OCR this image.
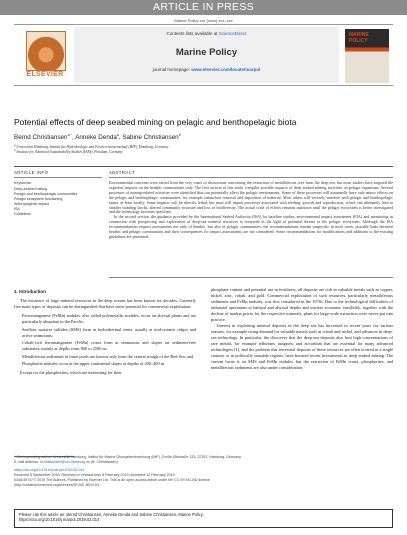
ARTICLE IN PRESS
Marine Policy xxx (xxxx) xxx–xxx
ELSEVIER
Contents lists available at ScienceDirect
Marine Policy
journal homepage: www.elsevier.com/locate/marpol
MARINE
POLICY
Potential effects of deep seabed mining on pelagic and benthopelagic biota
Bernd Christiansen$^{a,*}$, Anneke Denda$^a$, Sabine Christiansen$^b$
$^a$ Universität Hamburg, Institut für Hydrobiologie und Fischereiwissenschaft (IHF), Hamburg, Germany
$^b$ Institute for Advanced Sustainability Studies (IASS), Potsdam, Germany
ARTICLE INFO	ABSTRACT
Keywords:
Deep-seabed mining
Pelagic and benthopelagic communities
Pelagic ecosystem functioning
Anthropogenic impact
ISA
Guidelines

Environmental concerns were raised from the very onset of discussions concerning the extraction of metalliferous ores from the deep sea, but most studies have targeted the expected impacts on the benthic communities only. The first section of this study compiles possible impacts of deep seabed mining activities on pelagic organisms. Several processes of mining-related activities were identified that can potentially affect the pelagic environment. Some of these processes will assumedly have only minor effects on the pelagic and benthopelagic communities, for example subsurface removal and deposition of material. Most others will severely interfere with pelagic and benthopelagic fauna, at least locally. Some impacts will be directly lethal, but most will impair processes associated with feeding, growth and reproduction, which can ultimately lead to smaller standing stocks, altered community structure and loss of biodiversity. The actual scale of effects remains unknown until the pelagic ecosystem is better investigated and the technology becomes specified.

In the second section, the guidance provided by the International Seabed Authority (ISA) for baseline studies, environmental impact assessment (EIA) and monitoring in connection with prospecting and exploration of deep-sea mineral resources is reviewed in the light of potential threats to the pelagic ecosystem. Although the ISA recommendations request assessments not only of benthic, but also of pelagic communities, the recommendations remain unspecific in most cases; possible links between benthic and pelagic communities and their consequences for impact assessments are not considered. Some recommendations for modifications and additions to the existing guidelines are presented.

1. Introduction

The existence of large mineral resources in the deep oceans has been known for decades. Currently five main types of deposits can be distinguished that have some potential for commercial exploitation:

• Ferromanganese (FeMn) nodules, also called polymetallic nodules, occur on abyssal plains and are particularly abundant in the Pacific;
• Seafloor massive sulfides (SMS) form at hydrothermal vents, usually at mid-oceanic ridges and active seamounts;
• Cobalt-rich ferromanganese (FeMn) crusts form at seamounts and slopes on sediment-free substrates, mainly at depths from 800 to 2500 m;
• Metalliferous sediments in brine pools are known only from the central trough of the Red Sea; and
• Phosphorite nodules occur at the upper continental slopes at depths of 200–400 m.

Except for the phosphorites, which are interesting for their

phosphate content and potential use in fertilizers, all deposits are rich in valuable metals such as copper, nickel, zinc, cobalt, and gold. Commercial exploitation of such resources, particularly metalliferous sediments and FeMn nodules, was first considered in the 1970s. Due to the technological difficulties of industrial operations at bathyal and abyssal depths and unclear economic feasibility, together with the decline of market prices for the respective minerals, plans for large-scale extraction were never put into practice.

Interest in exploiting mineral deposits in the deep sea has increased in recent years for various reasons, for example rising demand for valuable metals such as cobalt and nickel, and advances in deep-sea technology. In particular, the discovery that the deep-sea deposits also host high concentrations of rare metals, for example tellurium, tungsten, and zirconium that are essential for many advanced technologies [1], and the problem that terrestrial deposits of these resources are often located in a single country or in politically unstable regions, have boosted recent investments in deep seabed mining. The current focus is on SMS and FeMn nodules, but the extraction of FeMn crusts, phosphorites, and metalliferous sediments are also under consideration.

* Corresponding author. Universität Hamburg, Institut für Marine Ökosystemforschung (IMF), Große Elbstraße 133, 22767, Hamburg, Germany.
E-mail address: bchristiansen@uni-hamburg.de (B. Christiansen).
https://doi.org/10.1016/j.marpol.2019.02.014
Received 5 September 2018; Received in revised form 8 February 2019; Accepted 12 February 2019
0308-597X/ © 2019 The Authors. Published by Elsevier Ltd. This is an open access article under the CC BY-NC-ND license
(http://creativecommons.org/licenses/BY-NC-ND/4.0/).
Please cite this article as: Bernd Christiansen, Anneke Denda and Sabine Christiansen, Marine Policy,
https://doi.org/10.1016/j.marpol.2019.02.014
